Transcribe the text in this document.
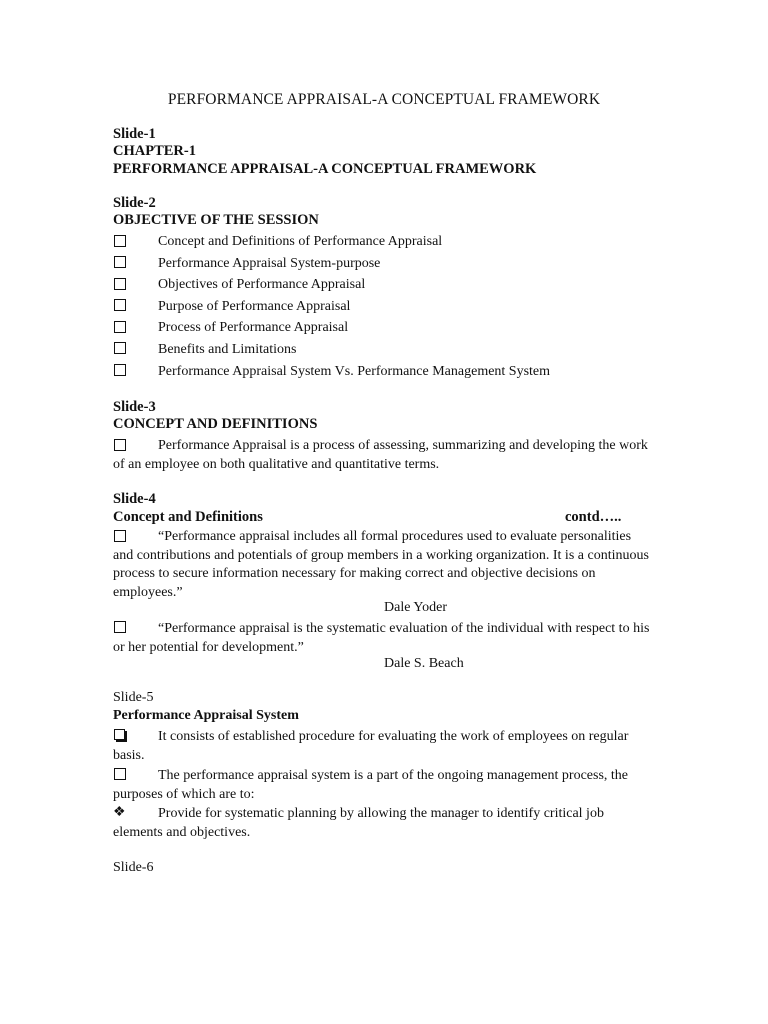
PERFORMANCE APPRAISAL-A CONCEPTUAL FRAMEWORK
Slide-1
CHAPTER-1
PERFORMANCE APPRAISAL-A CONCEPTUAL FRAMEWORK
Slide-2
OBJECTIVE OF THE SESSION
Concept and Definitions of Performance Appraisal
Performance Appraisal System-purpose
Objectives of Performance Appraisal
Purpose of Performance Appraisal
Process of Performance Appraisal
Benefits and Limitations
Performance Appraisal System Vs. Performance Management System
Slide-3
CONCEPT AND DEFINITIONS
Performance Appraisal is a process of assessing, summarizing and developing the work of an employee on both qualitative and quantitative terms.
Slide-4
Concept and Definitions	contd…..
“Performance appraisal includes all formal procedures used to evaluate personalities and contributions and potentials of group members in a working organization. It is a continuous process to secure information necessary for making correct and objective decisions on employees.”
Dale Yoder
“Performance appraisal is the systematic evaluation of the individual with respect to his or her potential for development.”
Dale S. Beach
Slide-5
Performance Appraisal System
It consists of established procedure for evaluating the work of employees on regular basis.
The performance appraisal system is a part of the ongoing management process, the purposes of which are to:
❖	Provide for systematic planning by allowing the manager to identify critical job elements and objectives.
Slide-6
